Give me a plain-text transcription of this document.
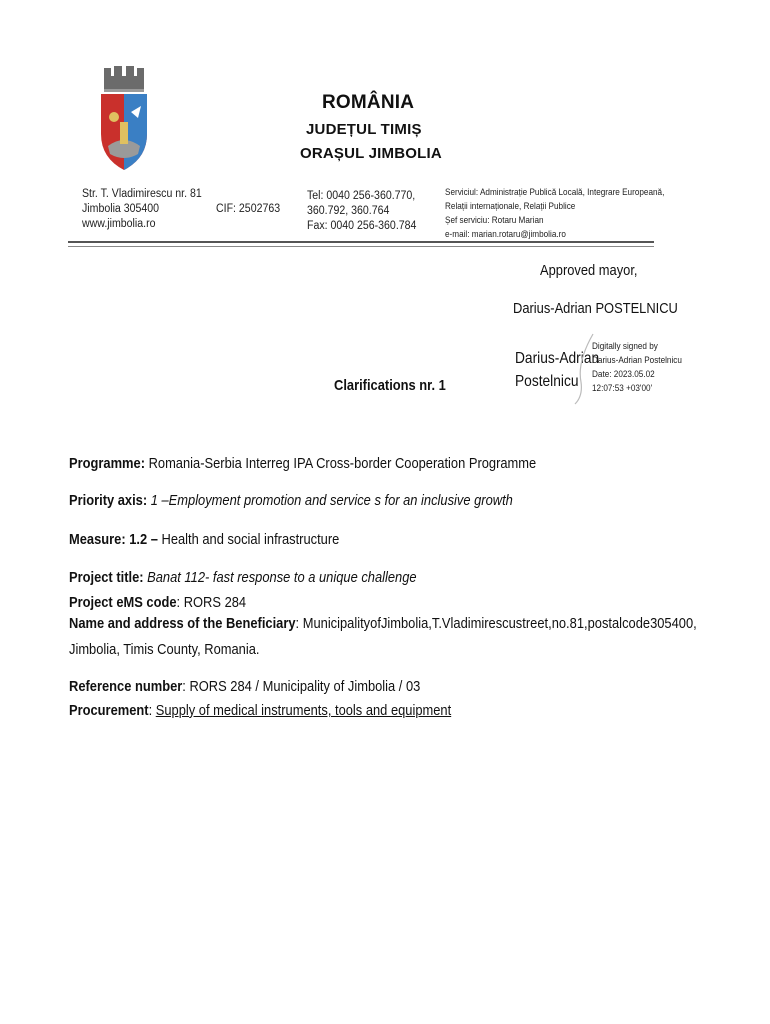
ROMÂNIA
JUDEȚUL TIMIȘ
ORAȘUL JIMBOLIA
Str. T. Vladimirescu nr. 81
Jimbolia 305400
www.jimbolia.ro
CIF: 2502763
Tel: 0040 256-360.770,
360.792, 360.764
Fax: 0040 256-360.784
Serviciul: Administrație Publică Locală, Integrare Europeană,
Relații internaționale, Relații Publice
Șef serviciu: Rotaru Marian
e-mail: marian.rotaru@jimbolia.ro
Approved mayor,
Darius-Adrian POSTELNICU
Darius-Adrian
Postelnicu
Digitally signed by
Darius-Adrian Postelnicu
Date: 2023.05.02
12:07:53 +03'00'
Clarifications nr. 1
Programme: Romania-Serbia Interreg IPA Cross-border Cooperation Programme
Priority axis: 1 –Employment promotion and service s for an inclusive growth
Measure: 1.2 – Health and social infrastructure
Project title: Banat 112- fast response to a unique challenge
Project eMS code: RORS 284
Name and address of the Beneficiary: Municipality of Jimbolia, T. Vladimirescu street, no. 81, postal code 305400,
Jimbolia, Timis County, Romania.
Reference number: RORS 284 / Municipality of Jimbolia / 03
Procurement: Supply of medical instruments, tools and equipment
